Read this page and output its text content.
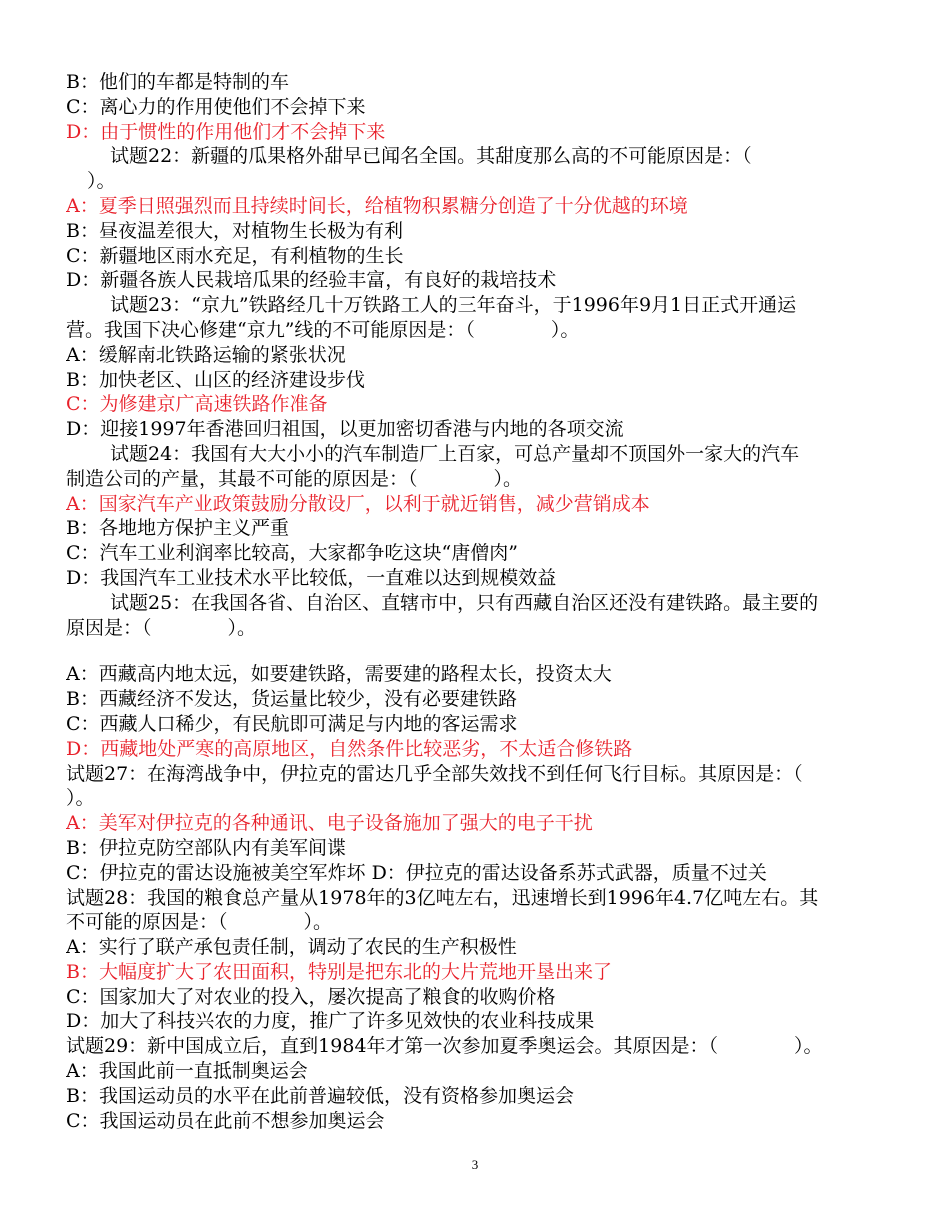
B：他们的车都是特制的车
C：离心力的作用使他们不会掉下来
D：由于惯性的作用他们才不会掉下来
试题22：新疆的瓜果格外甜早已闻名全国。其甜度那么高的不可能原因是：（
）。
A：夏季日照强烈而且持续时间长，给植物积累糖分创造了十分优越的环境
B：昼夜温差很大，对植物生长极为有利
C：新疆地区雨水充足，有利植物的生长
D：新疆各族人民栽培瓜果的经验丰富，有良好的栽培技术
试题23：“京九”铁路经几十万铁路工人的三年奋斗，于1996年9月1日正式开通运
营。我国下决心修建“京九”线的不可能原因是：（　　　　）。
A：缓解南北铁路运输的紧张状况
B：加快老区、山区的经济建设步伐
C：为修建京广高速铁路作准备
D：迎接1997年香港回归祖国，以更加密切香港与内地的各项交流
试题24：我国有大大小小的汽车制造厂上百家，可总产量却不顶国外一家大的汽车
制造公司的产量，其最不可能的原因是：（　　　　）。
A：国家汽车产业政策鼓励分散设厂，以利于就近销售，减少营销成本
B：各地地方保护主义严重
C：汽车工业利润率比较高，大家都争吃这块“唐僧肉”
D：我国汽车工业技术水平比较低，一直难以达到规模效益
试题25：在我国各省、自治区、直辖市中，只有西藏自治区还没有建铁路。最主要的
原因是：（　　　　）。
A：西藏高内地太远，如要建铁路，需要建的路程太长，投资太大
B：西藏经济不发达，货运量比较少，没有必要建铁路
C：西藏人口稀少，有民航即可满足与内地的客运需求
D：西藏地处严寒的高原地区，自然条件比较恶劣，不太适合修铁路
试题27：在海湾战争中，伊拉克的雷达几乎全部失效找不到任何飞行目标。其原因是：（
）。
A：美军对伊拉克的各种通讯、电子设备施加了强大的电子干扰
B：伊拉克防空部队内有美军间谍
C：伊拉克的雷达设施被美空军炸坏 D：伊拉克的雷达设备系苏式武器，质量不过关
试题28：我国的粮食总产量从1978年的3亿吨左右，迅速增长到1996年4.7亿吨左右。其
不可能的原因是：（　　　　）。
A：实行了联产承包责任制，调动了农民的生产积极性
B：大幅度扩大了农田面积，特别是把东北的大片荒地开垦出来了
C：国家加大了对农业的投入，屡次提高了粮食的收购价格
D：加大了科技兴农的力度，推广了许多见效快的农业科技成果
试题29：新中国成立后，直到1984年才第一次参加夏季奥运会。其原因是：（　　　　）。
A：我国此前一直抵制奥运会
B：我国运动员的水平在此前普遍较低，没有资格参加奥运会
C：我国运动员在此前不想参加奥运会
3
